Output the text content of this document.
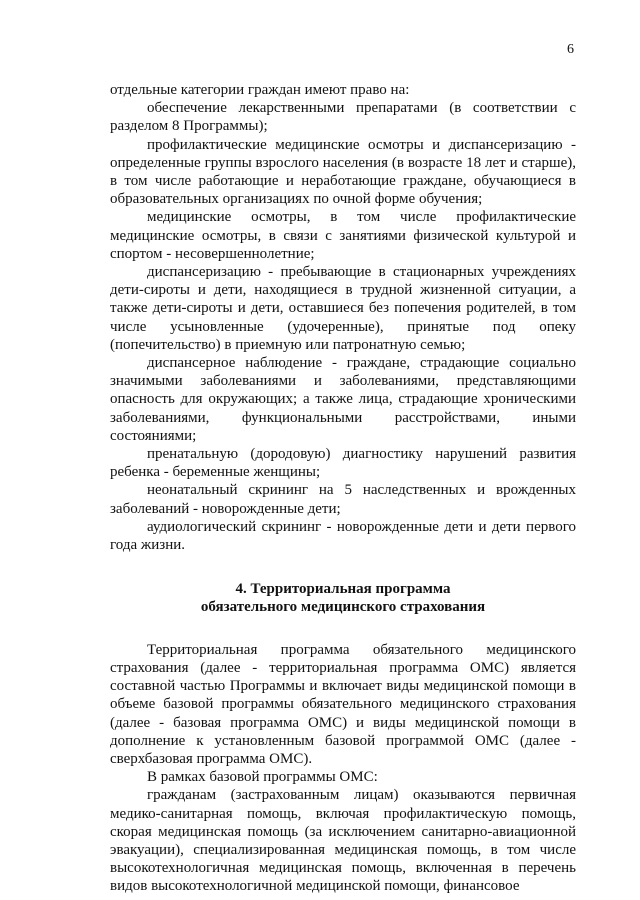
6

отдельные категории граждан имеют право на:

обеспечение лекарственными препаратами (в соответствии с разделом 8 Программы);

профилактические медицинские осмотры и диспансеризацию - определенные группы взрослого населения (в возрасте 18 лет и старше), в том числе работающие и неработающие граждане, обучающиеся в образовательных организациях по очной форме обучения;

медицинские осмотры, в том числе профилактические медицинские осмотры, в связи с занятиями физической культурой и спортом - несовершеннолетние;

диспансеризацию - пребывающие в стационарных учреждениях дети-сироты и дети, находящиеся в трудной жизненной ситуации, а также дети-сироты и дети, оставшиеся без попечения родителей, в том числе усыновленные (удочеренные), принятые под опеку (попечительство) в приемную или патронатную семью;

диспансерное наблюдение - граждане, страдающие социально значимыми заболеваниями и заболеваниями, представляющими опасность для окружающих; а также лица, страдающие хроническими заболеваниями, функциональными расстройствами, иными состояниями;

пренатальную (дородовую) диагностику нарушений развития ребенка - беременные женщины;

неонатальный скрининг на 5 наследственных и врожденных заболеваний - новорожденные дети;

аудиологический скрининг - новорожденные дети и дети первого года жизни.

4. Территориальная программа
обязательного медицинского страхования

Территориальная программа обязательного медицинского страхования (далее - территориальная программа ОМС) является составной частью Программы и включает виды медицинской помощи в объеме базовой программы обязательного медицинского страхования (далее - базовая программа ОМС) и виды медицинской помощи в дополнение к установленным базовой программой ОМС (далее - сверхбазовая программа ОМС).

В рамках базовой программы ОМС:

гражданам (застрахованным лицам) оказываются первичная медико-санитарная помощь, включая профилактическую помощь, скорая медицинская помощь (за исключением санитарно-авиационной эвакуации), специализированная медицинская помощь, в том числе высокотехнологичная медицинская помощь, включенная в перечень видов высокотехнологичной медицинской помощи, финансовое
